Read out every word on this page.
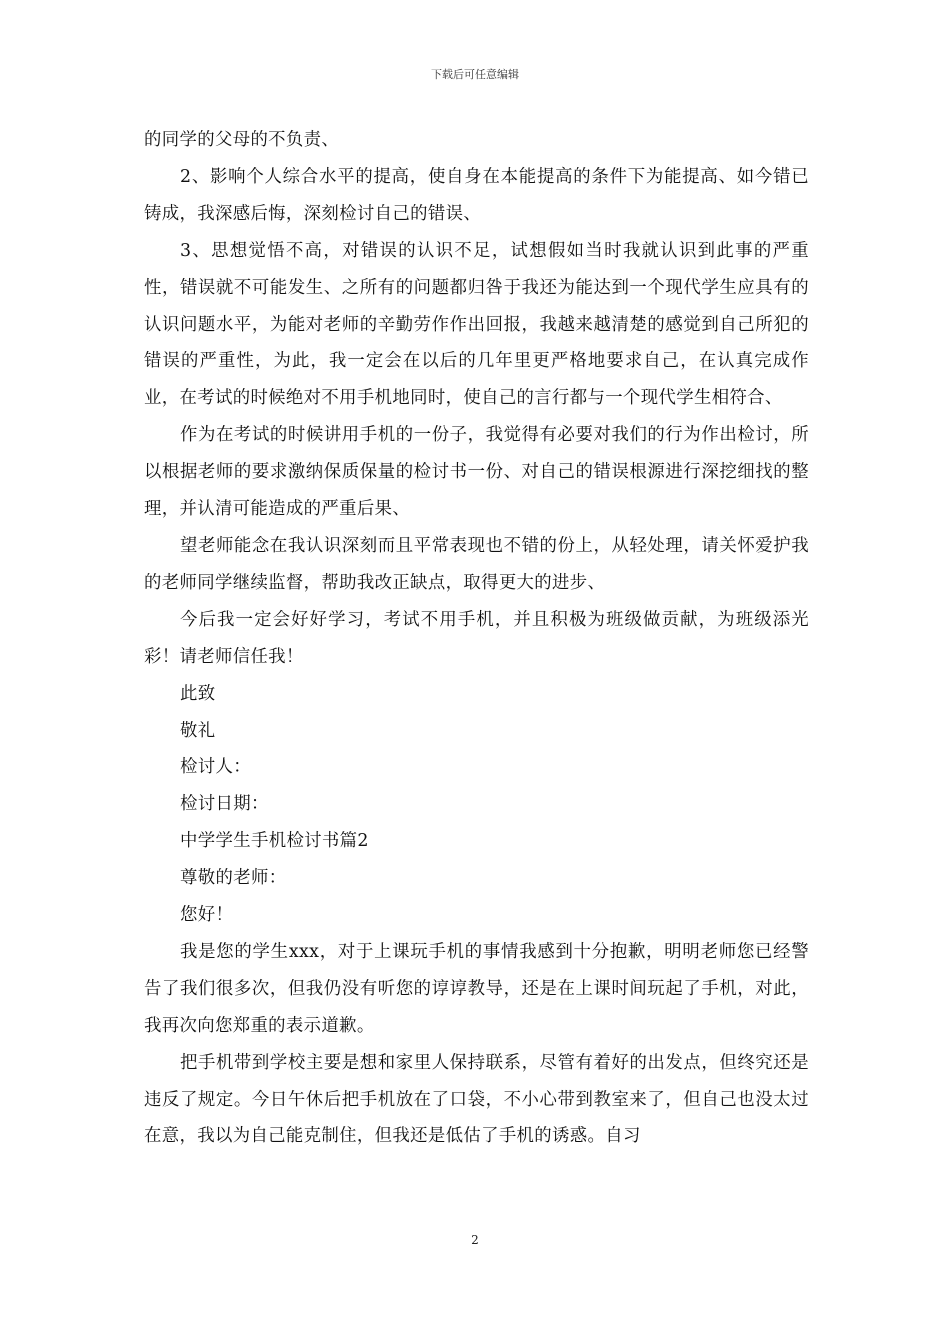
下载后可任意编辑

的同学的父母的不负责、

2、影响个人综合水平的提高，使自身在本能提高的条件下为能提高、如今错已铸成，我深感后悔，深刻检讨自己的错误、

3、思想觉悟不高，对错误的认识不足，试想假如当时我就认识到此事的严重性，错误就不可能发生、之所有的问题都归咎于我还为能达到一个现代学生应具有的认识问题水平，为能对老师的辛勤劳作作出回报，我越来越清楚的感觉到自己所犯的错误的严重性，为此，我一定会在以后的几年里更严格地要求自己，在认真完成作业，在考试的时候绝对不用手机地同时，使自己的言行都与一个现代学生相符合、

作为在考试的时候讲用手机的一份子，我觉得有必要对我们的行为作出检讨，所以根据老师的要求激纳保质保量的检讨书一份、对自己的错误根源进行深挖细找的整理，并认清可能造成的严重后果、

望老师能念在我认识深刻而且平常表现也不错的份上，从轻处理，请关怀爱护我的老师同学继续监督，帮助我改正缺点，取得更大的进步、

今后我一定会好好学习，考试不用手机，并且积极为班级做贡献，为班级添光彩！请老师信任我！

此致

敬礼

检讨人：

检讨日期：

中学学生手机检讨书篇2

尊敬的老师：

您好！

我是您的学生xxx，对于上课玩手机的事情我感到十分抱歉，明明老师您已经警告了我们很多次，但我仍没有听您的谆谆教导，还是在上课时间玩起了手机，对此，我再次向您郑重的表示道歉。

把手机带到学校主要是想和家里人保持联系，尽管有着好的出发点，但终究还是违反了规定。今日午休后把手机放在了口袋，不小心带到教室来了，但自己也没太过在意，我以为自己能克制住，但我还是低估了手机的诱惑。自习

2
